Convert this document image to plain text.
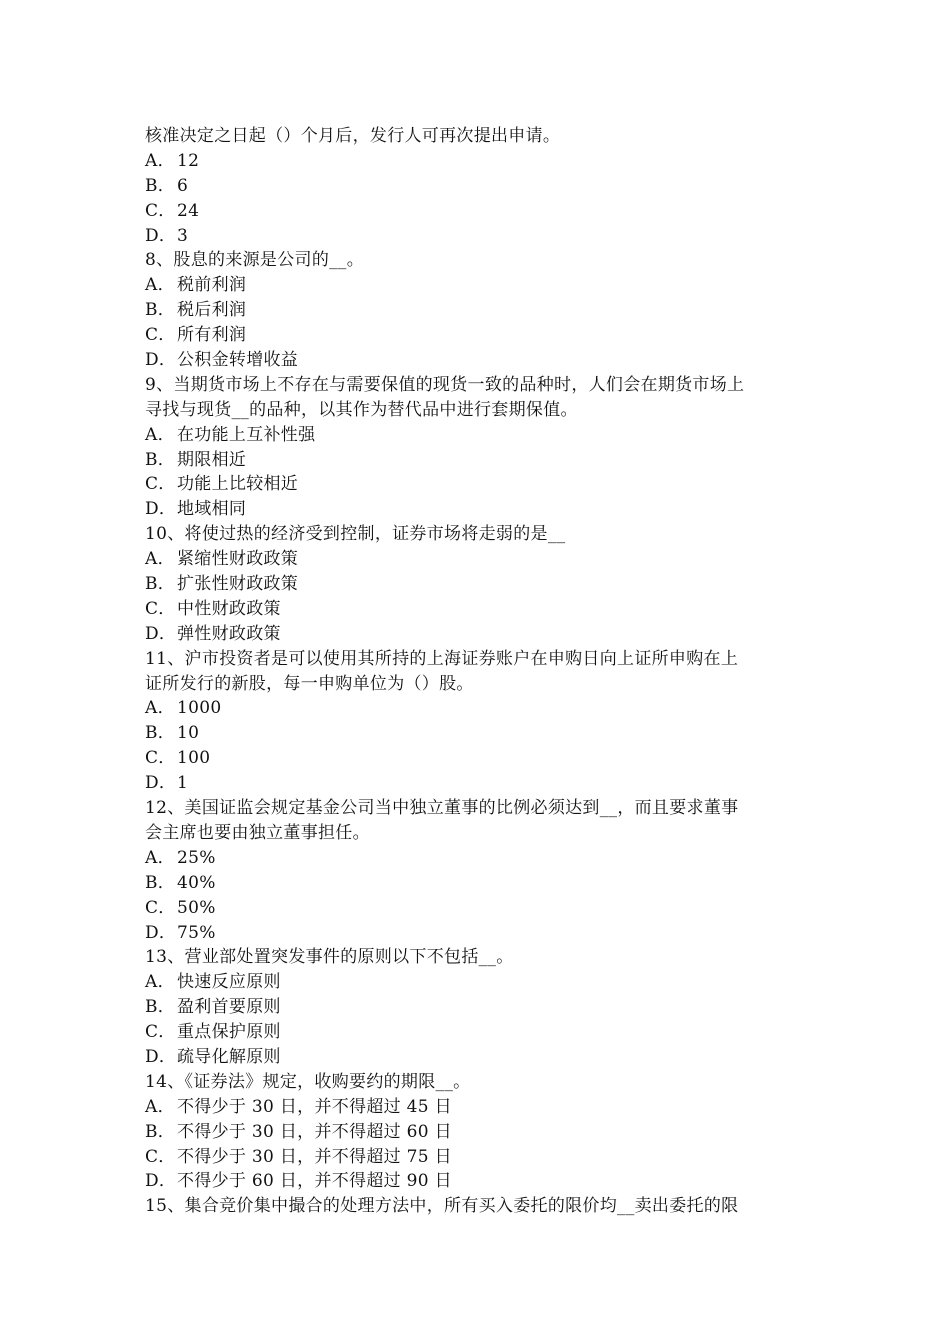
核准决定之日起（）个月后，发行人可再次提出申请。
A． 12
B． 6
C．24
D．3
8、股息的来源是公司的__。
A． 税前利润
B． 税后利润
C．所有利润
D．公积金转增收益
9、当期货市场上不存在与需要保值的现货一致的品种时，人们会在期货市场上
寻找与现货__的品种，以其作为替代品中进行套期保值。
A． 在功能上互补性强
B． 期限相近
C．功能上比较相近
D．地域相同
10、将使过热的经济受到控制，证券市场将走弱的是__
A． 紧缩性财政政策
B． 扩张性财政政策
C．中性财政政策
D．弹性财政政策
11、沪市投资者是可以使用其所持的上海证券账户在申购日向上证所申购在上
证所发行的新股，每一申购单位为（）股。
A． 1000
B． 10
C．100
D．1
12、美国证监会规定基金公司当中独立董事的比例必须达到__，而且要求董事
会主席也要由独立董事担任。
A． 25%
B． 40%
C．50%
D．75%
13、营业部处置突发事件的原则以下不包括__。
A． 快速反应原则
B． 盈利首要原则
C．重点保护原则
D．疏导化解原则
14、《证券法》规定，收购要约的期限__。
A． 不得少于 30 日，并不得超过 45 日
B． 不得少于 30 日，并不得超过 60 日
C．不得少于 30 日，并不得超过 75 日
D．不得少于 60 日，并不得超过 90 日
15、集合竞价集中撮合的处理方法中，所有买入委托的限价均__卖出委托的限
